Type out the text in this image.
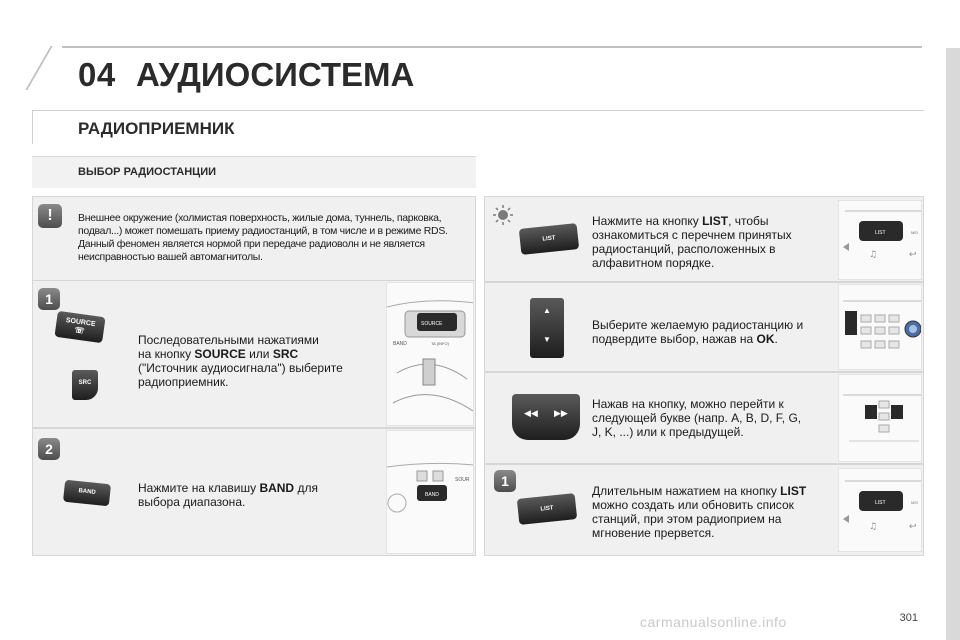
04 АУДИОСИСТЕМА
РАДИОПРИЕМНИК
ВЫБОР РАДИОСТАНЦИИ
!	Внешнее окружение (холмистая поверхность, жилые дома, туннель, парковка, подвал...) может помешать приему радиостанций, в том числе и в режиме RDS. Данный феномен является нормой при передаче радиоволн и не является неисправностью вашей автомагнитолы.
1
SOURCE
☏
SRC
Последовательными нажатиями
на кнопку SOURCE или SRC
("Источник аудиосигнала") выберите
радиоприемник.
SOURCE
BAND	TA (INFO)
2
BAND	Нажмите на клавишу BAND для
выбора диапазона.	BAND
SOUR
LIST
Нажмите на кнопку LIST, чтобы
ознакомиться с перечнем принятых
радиостанций, расположенных в
алфавитном порядке.
LIST	MEI
♫	↩
▲
▼
Выберите желаемую радиостанцию и
подвердите выбор, нажав на OK.
◀◀ ▶▶
Нажав на кнопку, можно перейти к
следующей букве (напр. А, B, D, F, G,
J, K, ...) или к предыдущей.
1
LIST
Длительным нажатием на кнопку LIST
можно создать или обновить список
станций, при этом радиоприем на
мгновение прервется.
LIST	MEI
♫	↩
carmanualsonline.info	301
